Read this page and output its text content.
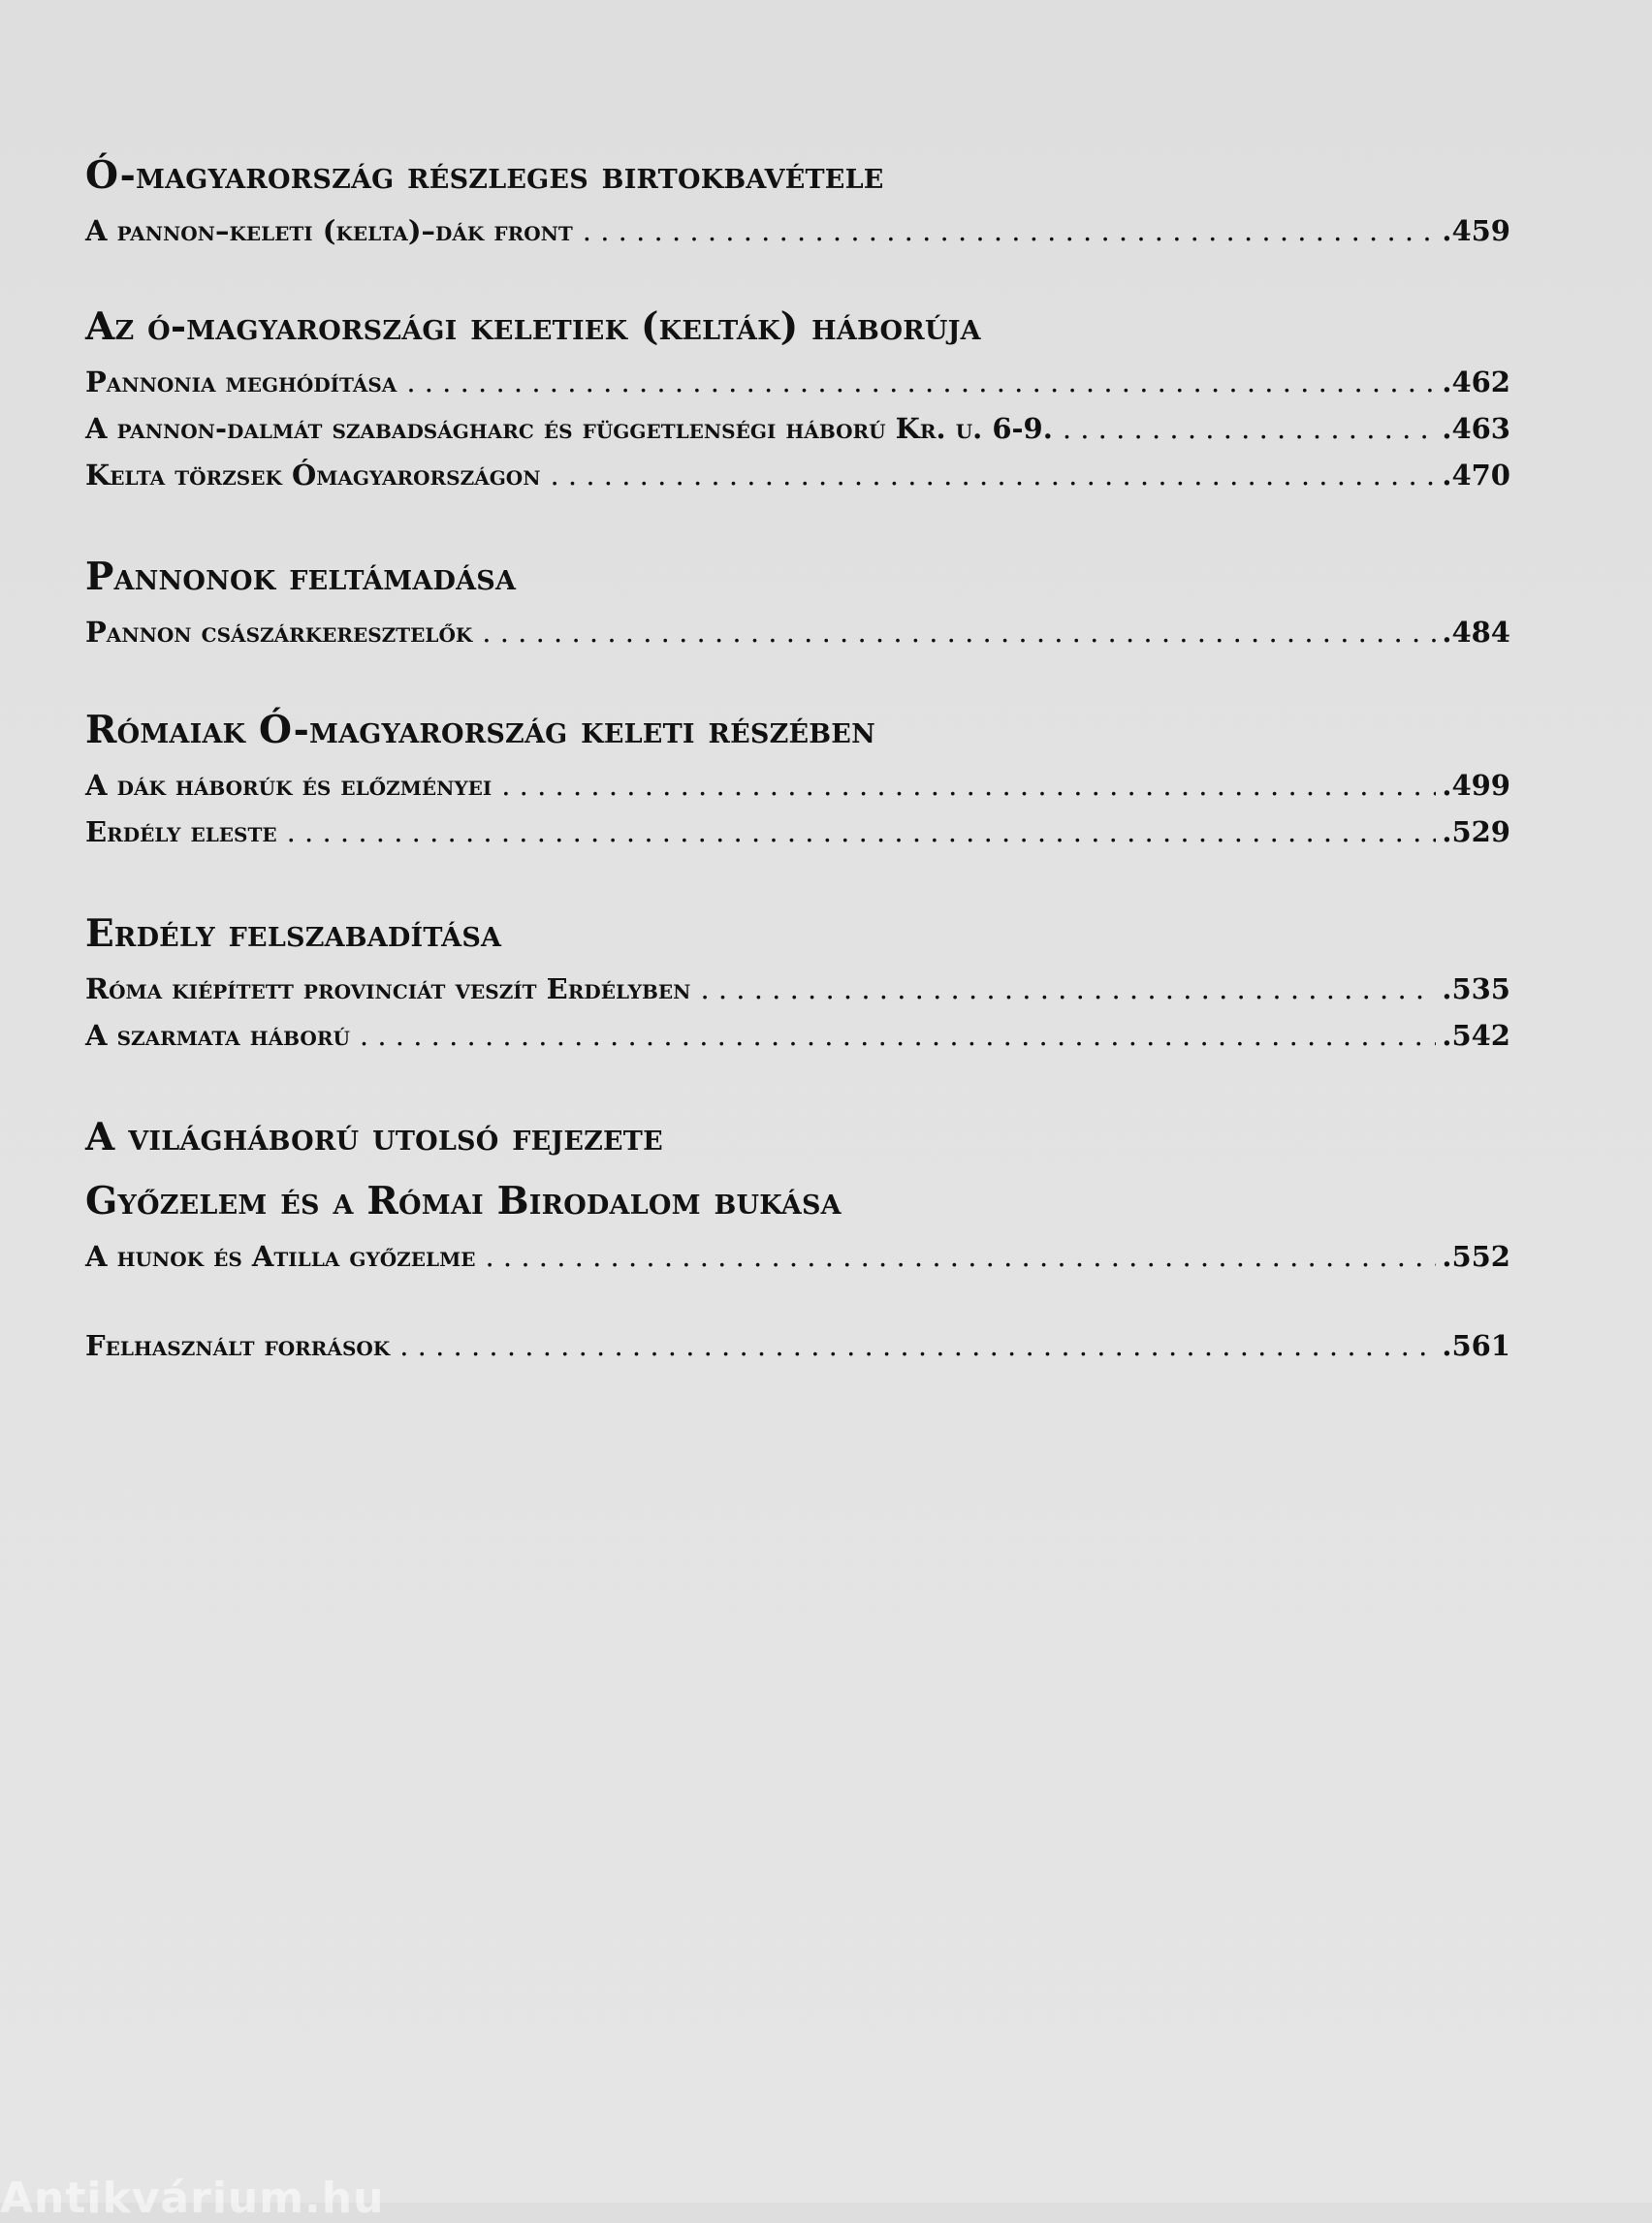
Ó-magyarország részleges birtokbavétele
A pannon–keleti (kelta)–dák front . . .	.459
Az ó-magyarországi keletiek (kelták) háborúja
Pannonia meghódítása . . .	.462
A pannon-dalmát szabadságharc és függetlenségi háború Kr. u. 6-9. . . .	.463
Kelta törzsek Ómagyarországon . . .	.470
Pannonok feltámadása
Pannon császárkeresztelők . . .	.484
Rómaiak Ó-magyarország keleti részében
A dák háborúk és előzményei . . .	.499
Erdély eleste . . .	.529
Erdély felszabadítása
Róma kiépített provinciát veszít Erdélyben . . .	.535
A szarmata háború . . .	.542
A világháború utolsó fejezete
Győzelem és a Római Birodalom bukása
A hunok és Atilla győzelme . . .	.552
Felhasznált források . . .	.561
Antikvárium.hu
